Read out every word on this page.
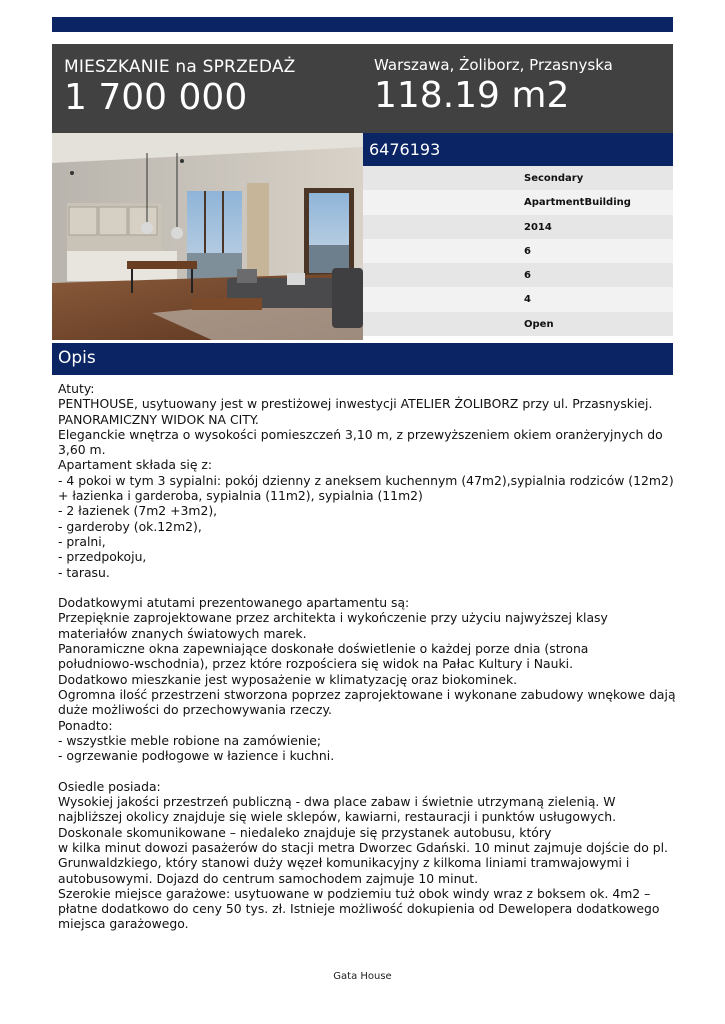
MIESZKANIE na SPRZEDAŻ
1 700 000
Warszawa, Żoliborz, Przasnyska
118.19 m2
6476193
Secondary
ApartmentBuilding
2014
6
6
4
Open
Opis
Atuty:
PENTHOUSE, usytuowany jest w prestiżowej inwestycji ATELIER ŻOLIBORZ przy ul. Przasnyskiej.
PANORAMICZNY WIDOK NA CITY.
Eleganckie wnętrza o wysokości pomieszczeń 3,10 m, z przewyższeniem okiem oranżeryjnych do
3,60 m.
Apartament składa się z:
- 4 pokoi w tym 3 sypialni: pokój dzienny z aneksem kuchennym (47m2),sypialnia rodziców (12m2)
+ łazienka i garderoba, sypialnia (11m2), sypialnia (11m2)
- 2 łazienek (7m2 +3m2),
- garderoby (ok.12m2),
- pralni,
- przedpokoju,
- tarasu.
Dodatkowymi atutami prezentowanego apartamentu są:
Przepięknie zaprojektowane przez architekta i wykończenie przy użyciu najwyższej klasy
materiałów znanych światowych marek.
Panoramiczne okna zapewniające doskonałe doświetlenie o każdej porze dnia (strona
południowo-wschodnia), przez które rozpościera się widok na Pałac Kultury i Nauki.
Dodatkowo mieszkanie jest wyposażenie w klimatyzację oraz biokominek.
Ogromna ilość przestrzeni stworzona poprzez zaprojektowane i wykonane zabudowy wnękowe dają
duże możliwości do przechowywania rzeczy.
Ponadto:
- wszystkie meble robione na zamówienie;
- ogrzewanie podłogowe w łazience i kuchni.
Osiedle posiada:
Wysokiej jakości przestrzeń publiczną - dwa place zabaw i świetnie utrzymaną zielenią. W
najbliższej okolicy znajduje się wiele sklepów, kawiarni, restauracji i punktów usługowych.
Doskonale skomunikowane – niedaleko znajduje się przystanek autobusu, który
w kilka minut dowozi pasażerów do stacji metra Dworzec Gdański. 10 minut zajmuje dojście do pl.
Grunwaldzkiego, który stanowi duży węzeł komunikacyjny z kilkoma liniami tramwajowymi i
autobusowymi. Dojazd do centrum samochodem zajmuje 10 minut.
Szerokie miejsce garażowe: usytuowane w podziemiu tuż obok windy wraz z boksem ok. 4m2 –
płatne dodatkowo do ceny 50 tys. zł. Istnieje możliwość dokupienia od Dewelopera dodatkowego
miejsca garażowego.
Gata House
